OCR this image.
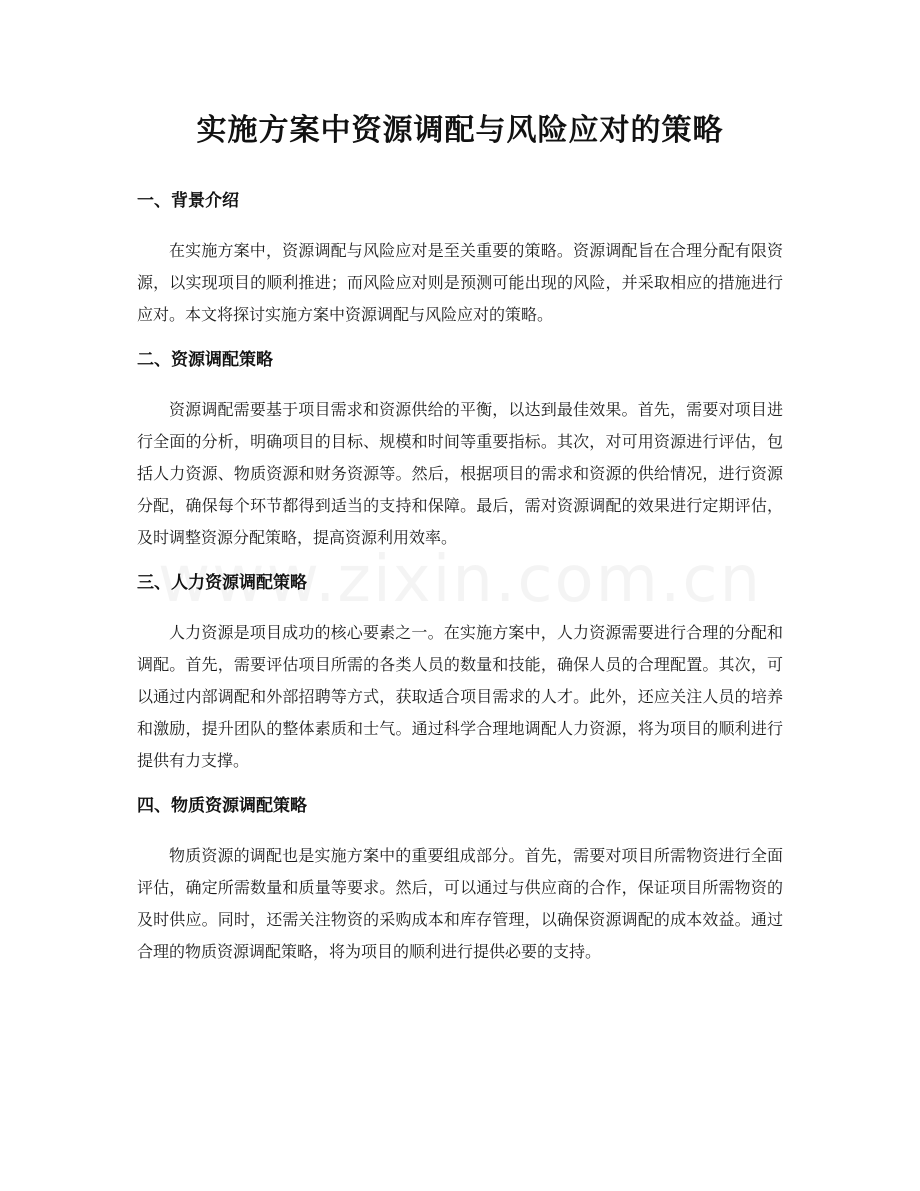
实施方案中资源调配与风险应对的策略
一、背景介绍

在实施方案中，资源调配与风险应对是至关重要的策略。资源调配旨在合理分配有限资源，以实现项目的顺利推进；而风险应对则是预测可能出现的风险，并采取相应的措施进行应对。本文将探讨实施方案中资源调配与风险应对的策略。

二、资源调配策略

资源调配需要基于项目需求和资源供给的平衡，以达到最佳效果。首先，需要对项目进行全面的分析，明确项目的目标、规模和时间等重要指标。其次，对可用资源进行评估，包括人力资源、物质资源和财务资源等。然后，根据项目的需求和资源的供给情况，进行资源分配，确保每个环节都得到适当的支持和保障。最后，需对资源调配的效果进行定期评估，及时调整资源分配策略，提高资源利用效率。

三、人力资源调配策略

人力资源是项目成功的核心要素之一。在实施方案中，人力资源需要进行合理的分配和调配。首先，需要评估项目所需的各类人员的数量和技能，确保人员的合理配置。其次，可以通过内部调配和外部招聘等方式，获取适合项目需求的人才。此外，还应关注人员的培养和激励，提升团队的整体素质和士气。通过科学合理地调配人力资源，将为项目的顺利进行提供有力支撑。

四、物质资源调配策略

物质资源的调配也是实施方案中的重要组成部分。首先，需要对项目所需物资进行全面评估，确定所需数量和质量等要求。然后，可以通过与供应商的合作，保证项目所需物资的及时供应。同时，还需关注物资的采购成本和库存管理，以确保资源调配的成本效益。通过合理的物质资源调配策略，将为项目的顺利进行提供必要的支持。
